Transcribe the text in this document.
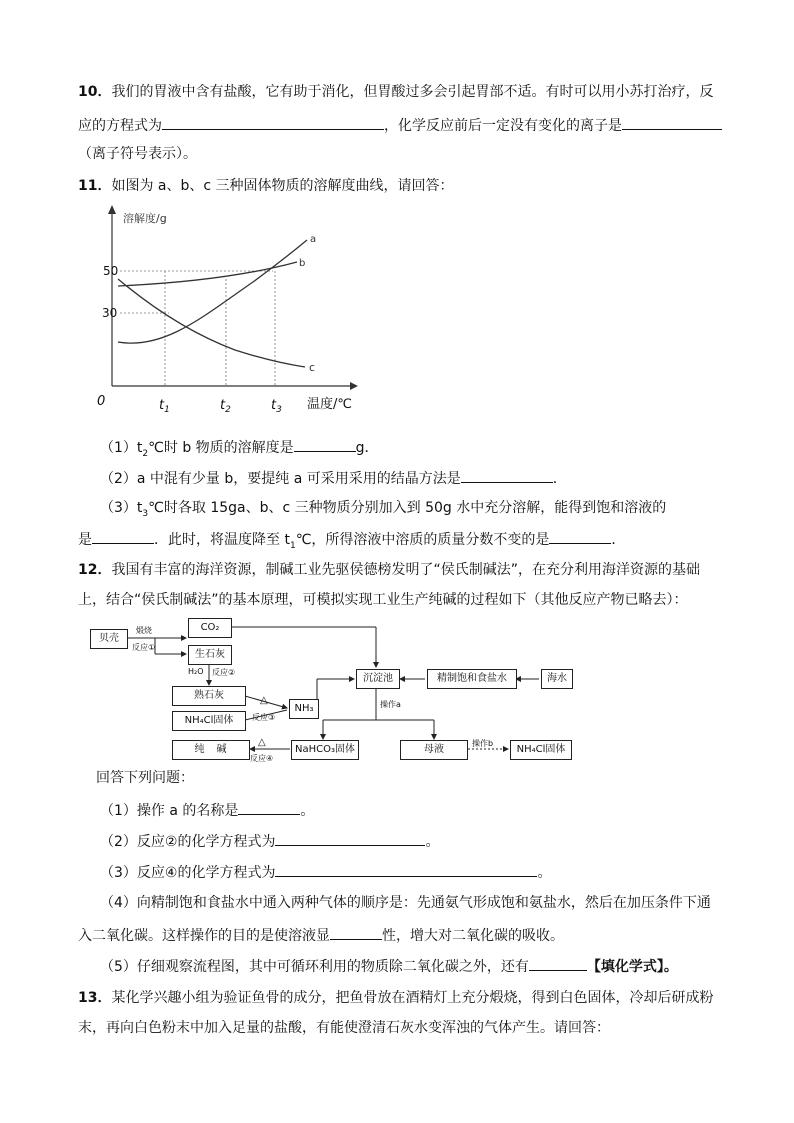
10．我们的胃液中含有盐酸，它有助于消化，但胃酸过多会引起胃部不适。有时可以用小苏打治疗，反
应的方程式为	，化学反应前后一定没有变化的离子是
（离子符号表示）。
11．如图为 a、b、c 三种固体物质的溶解度曲线，请回答：
溶解度/g
温度/℃
0
50
30
$t_1$	$t_2$	$t_3$
a
b
c
$(1)t_2℃$时 b 物质的溶解度是	g．
（2）a 中混有少量 b，要提纯 a 可采用采用的结晶方法是	．
$(3)t_3℃$时各取 15ga、b、c 三种物质分别加入到 50g 水中充分溶解，能得到饱和溶液的
是	．此时，将温度降至 $t_1℃$，所得溶液中溶质的质量分数不变的是	．
12．我国有丰富的海洋资源，制碱工业先驱侯德榜发明了“侯氏制碱法”，在充分利用海洋资源的基础
上，结合“侯氏制碱法”的基本原理，可模拟实现工业生产纯碱的过程如下（其他反应产物已略去）：
贝壳
煅烧
反应①
CO₂
生石灰
H₂O 反应②
熟石灰
NH₄Cl固体
△
反应③
NH₃
沉淀池	精制饱和食盐水	海水
操作a
纯　碱
△
反应④
NaHCO₃固体	母液
操作b
NH₄Cl固体
回答下列问题：
（1）操作 a 的名称是	。
（2）反应②的化学方程式为	。
（3）反应④的化学方程式为	。
（4）向精制饱和食盐水中通入两种气体的顺序是：先通氨气形成饱和氨盐水，然后在加压条件下通
入二氧化碳。这样操作的目的是使溶液显	性，增大对二氧化碳的吸收。
（5）仔细观察流程图，其中可循环利用的物质除二氧化碳之外，还有	【填化学式】。
13．某化学兴趣小组为验证鱼骨的成分，把鱼骨放在酒精灯上充分煅烧，得到白色固体，冷却后研成粉
末，再向白色粉末中加入足量的盐酸，有能使澄清石灰水变浑浊的气体产生。请回答：
